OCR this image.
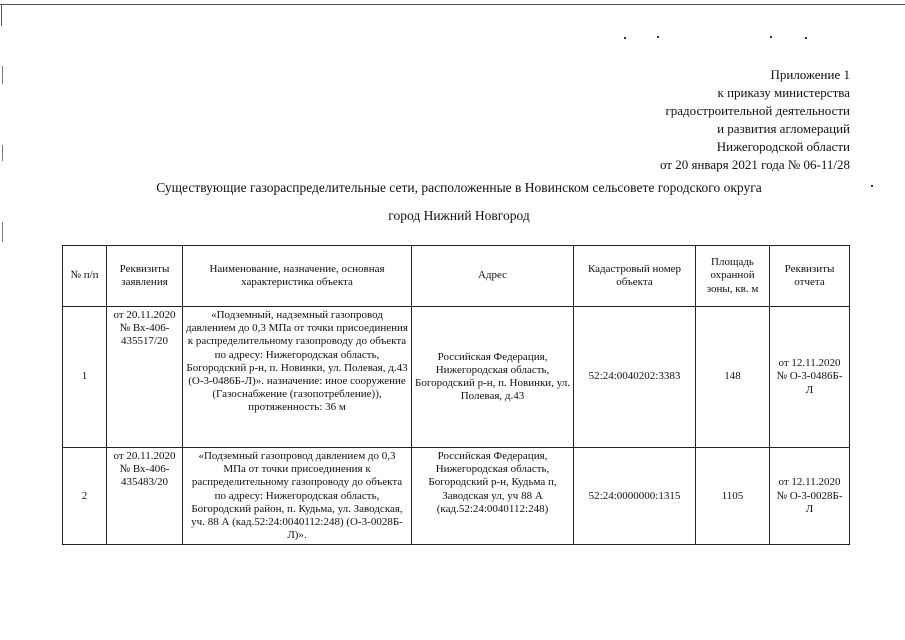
Приложение 1
к приказу министерства
градостроительной деятельности
и развития агломераций
Нижегородской области
от 20 января 2021 года № 06-11/28
Существующие газораспределительные сети, расположенные в Новинском сельсовете городского округа
город Нижний Новгород
№ п/п	Реквизиты заявления	Наименование, назначение, основная характеристика объекта	Адрес	Кадастровый номер объекта	Площадь охранной зоны, кв. м	Реквизиты отчета
1	от 20.11.2020 № Вх-406-435517/20	«Подземный, надземный газопровод давлением до 0,3 МПа от точки присоединения к распределительному газопроводу до объекта по адресу: Нижегородская область, Богородский р-н, п. Новинки, ул. Полевая, д.43 (О-3-0486Б-Л)». назначение: иное сооружение (Газоснабжение (газопотребление)), протяженность: 36 м	Российская Федерация, Нижегородская область, Богородский р-н, п. Новинки, ул. Полевая, д.43	52:24:0040202:3383	148	от 12.11.2020 № О-3-0486Б-Л
2	от 20.11.2020 № Вх-406-435483/20	«Подземный газопровод давлением до 0,3 МПа от точки присоединения к распределительному газопроводу до объекта по адресу: Нижегородская область, Богородский район, п. Кудьма, ул. Заводская, уч. 88 А (кад.52:24:0040112:248) (О-3-0028Б-Л)».	Российская Федерация, Нижегородская область, Богородский р-н, Кудьма п, Заводская ул, уч 88 А (кад.52:24:0040112:248)	52:24:0000000:1315	1105	от 12.11.2020 № О-3-0028Б-Л
